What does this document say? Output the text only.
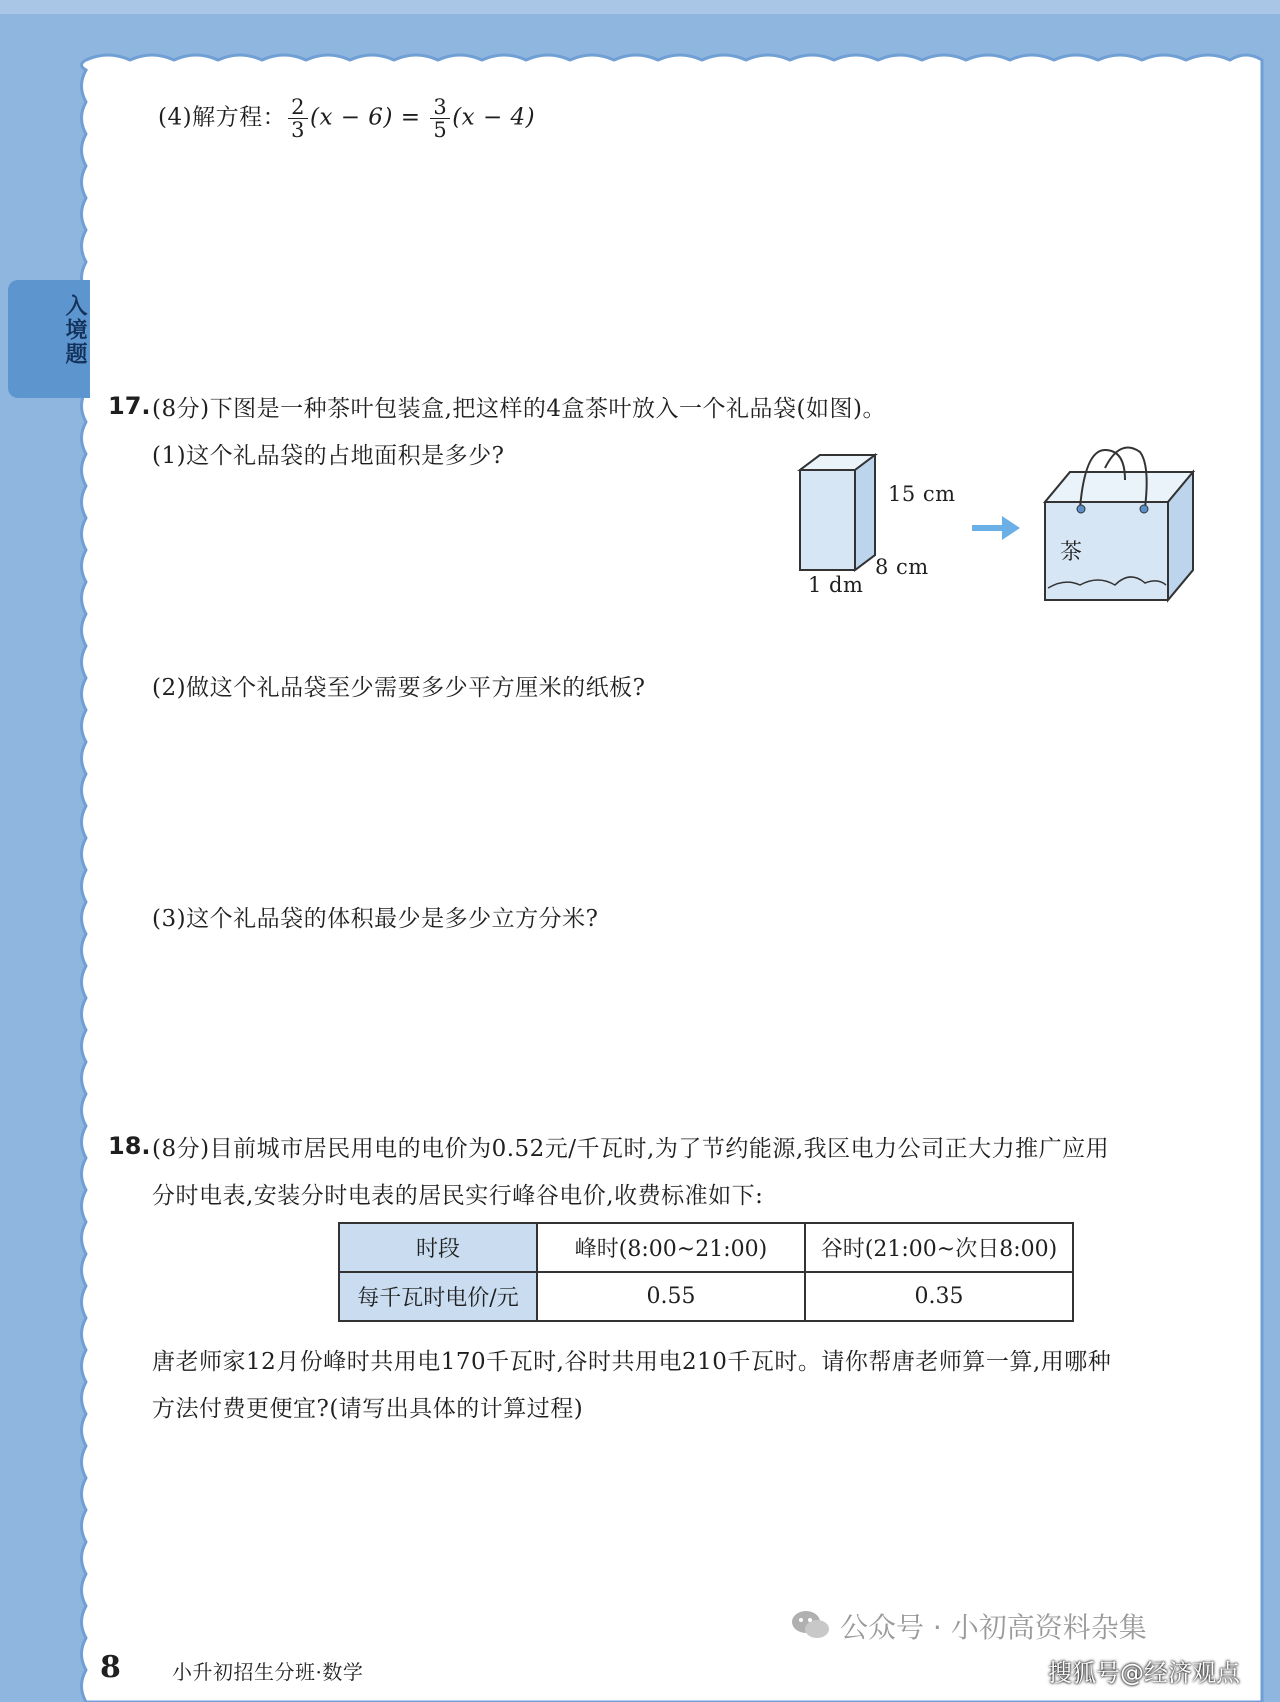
入境题
(4)解方程： $\frac{2}{3} (x - 6) = \frac{3}{5} (x - 4)$
17. (8分)下图是一种茶叶包装盒,把这样的4盒茶叶放入一个礼品袋(如图)。
(1)这个礼品袋的占地面积是多少?
15 cm
8 cm
1 dm
茶
(2)做这个礼品袋至少需要多少平方厘米的纸板?
(3)这个礼品袋的体积最少是多少立方分米?
18. (8分)目前城市居民用电的电价为0.52元/千瓦时,为了节约能源,我区电力公司正大力推广应用
分时电表,安装分时电表的居民实行峰谷电价,收费标准如下:
时段	峰时(8:00~21:00)	谷时(21:00~次日8:00)
每千瓦时电价/元	0.55	0.35
唐老师家12月份峰时共用电170千瓦时,谷时共用电210千瓦时。请你帮唐老师算一算,用哪种
方法付费更便宜?(请写出具体的计算过程)
8	小升初招生分班·数学
公众号 · 小初高资料杂集
搜狐号@经济观点
